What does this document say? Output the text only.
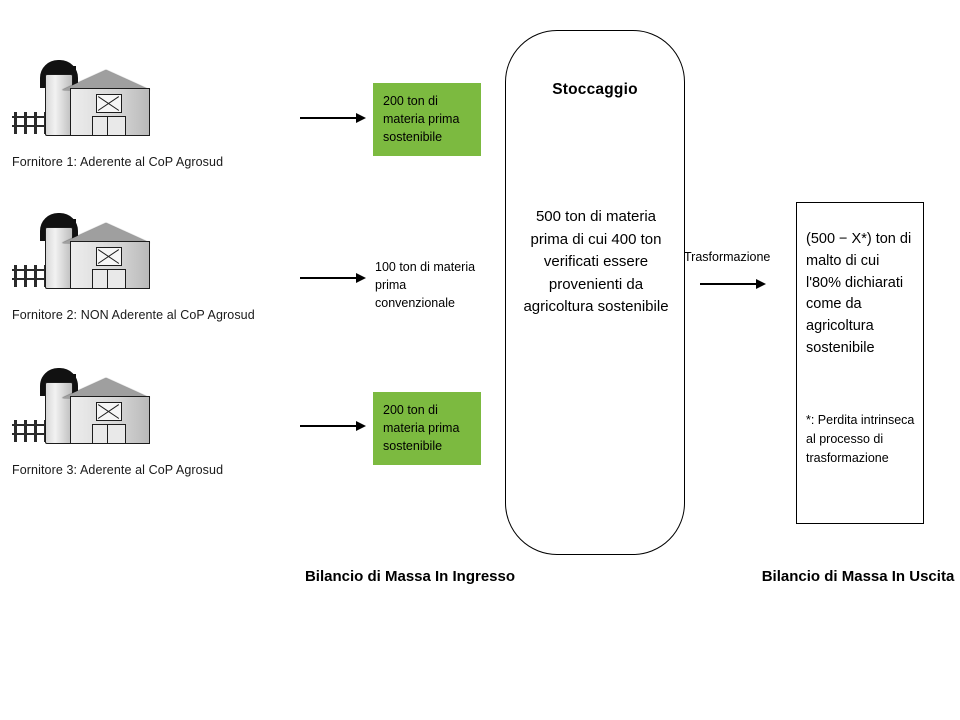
Fornitore 1: Aderente al CoP Agrosud
200 ton di materia prima sostenibile
Fornitore 2: NON Aderente al CoP Agrosud
100 ton di materia prima convenzionale
Fornitore 3: Aderente al CoP Agrosud
200 ton di materia prima sostenibile
Stoccaggio
500 ton di materia prima di cui 400 ton verificati essere provenienti da agricoltura sostenibile
Trasformazione
(500 − X*) ton di malto di cui l'80% dichiarati come da agricoltura sostenibile
*: Perdita intrinseca al processo di trasformazione
Bilancio di Massa In Ingresso	Bilancio di Massa In Uscita
